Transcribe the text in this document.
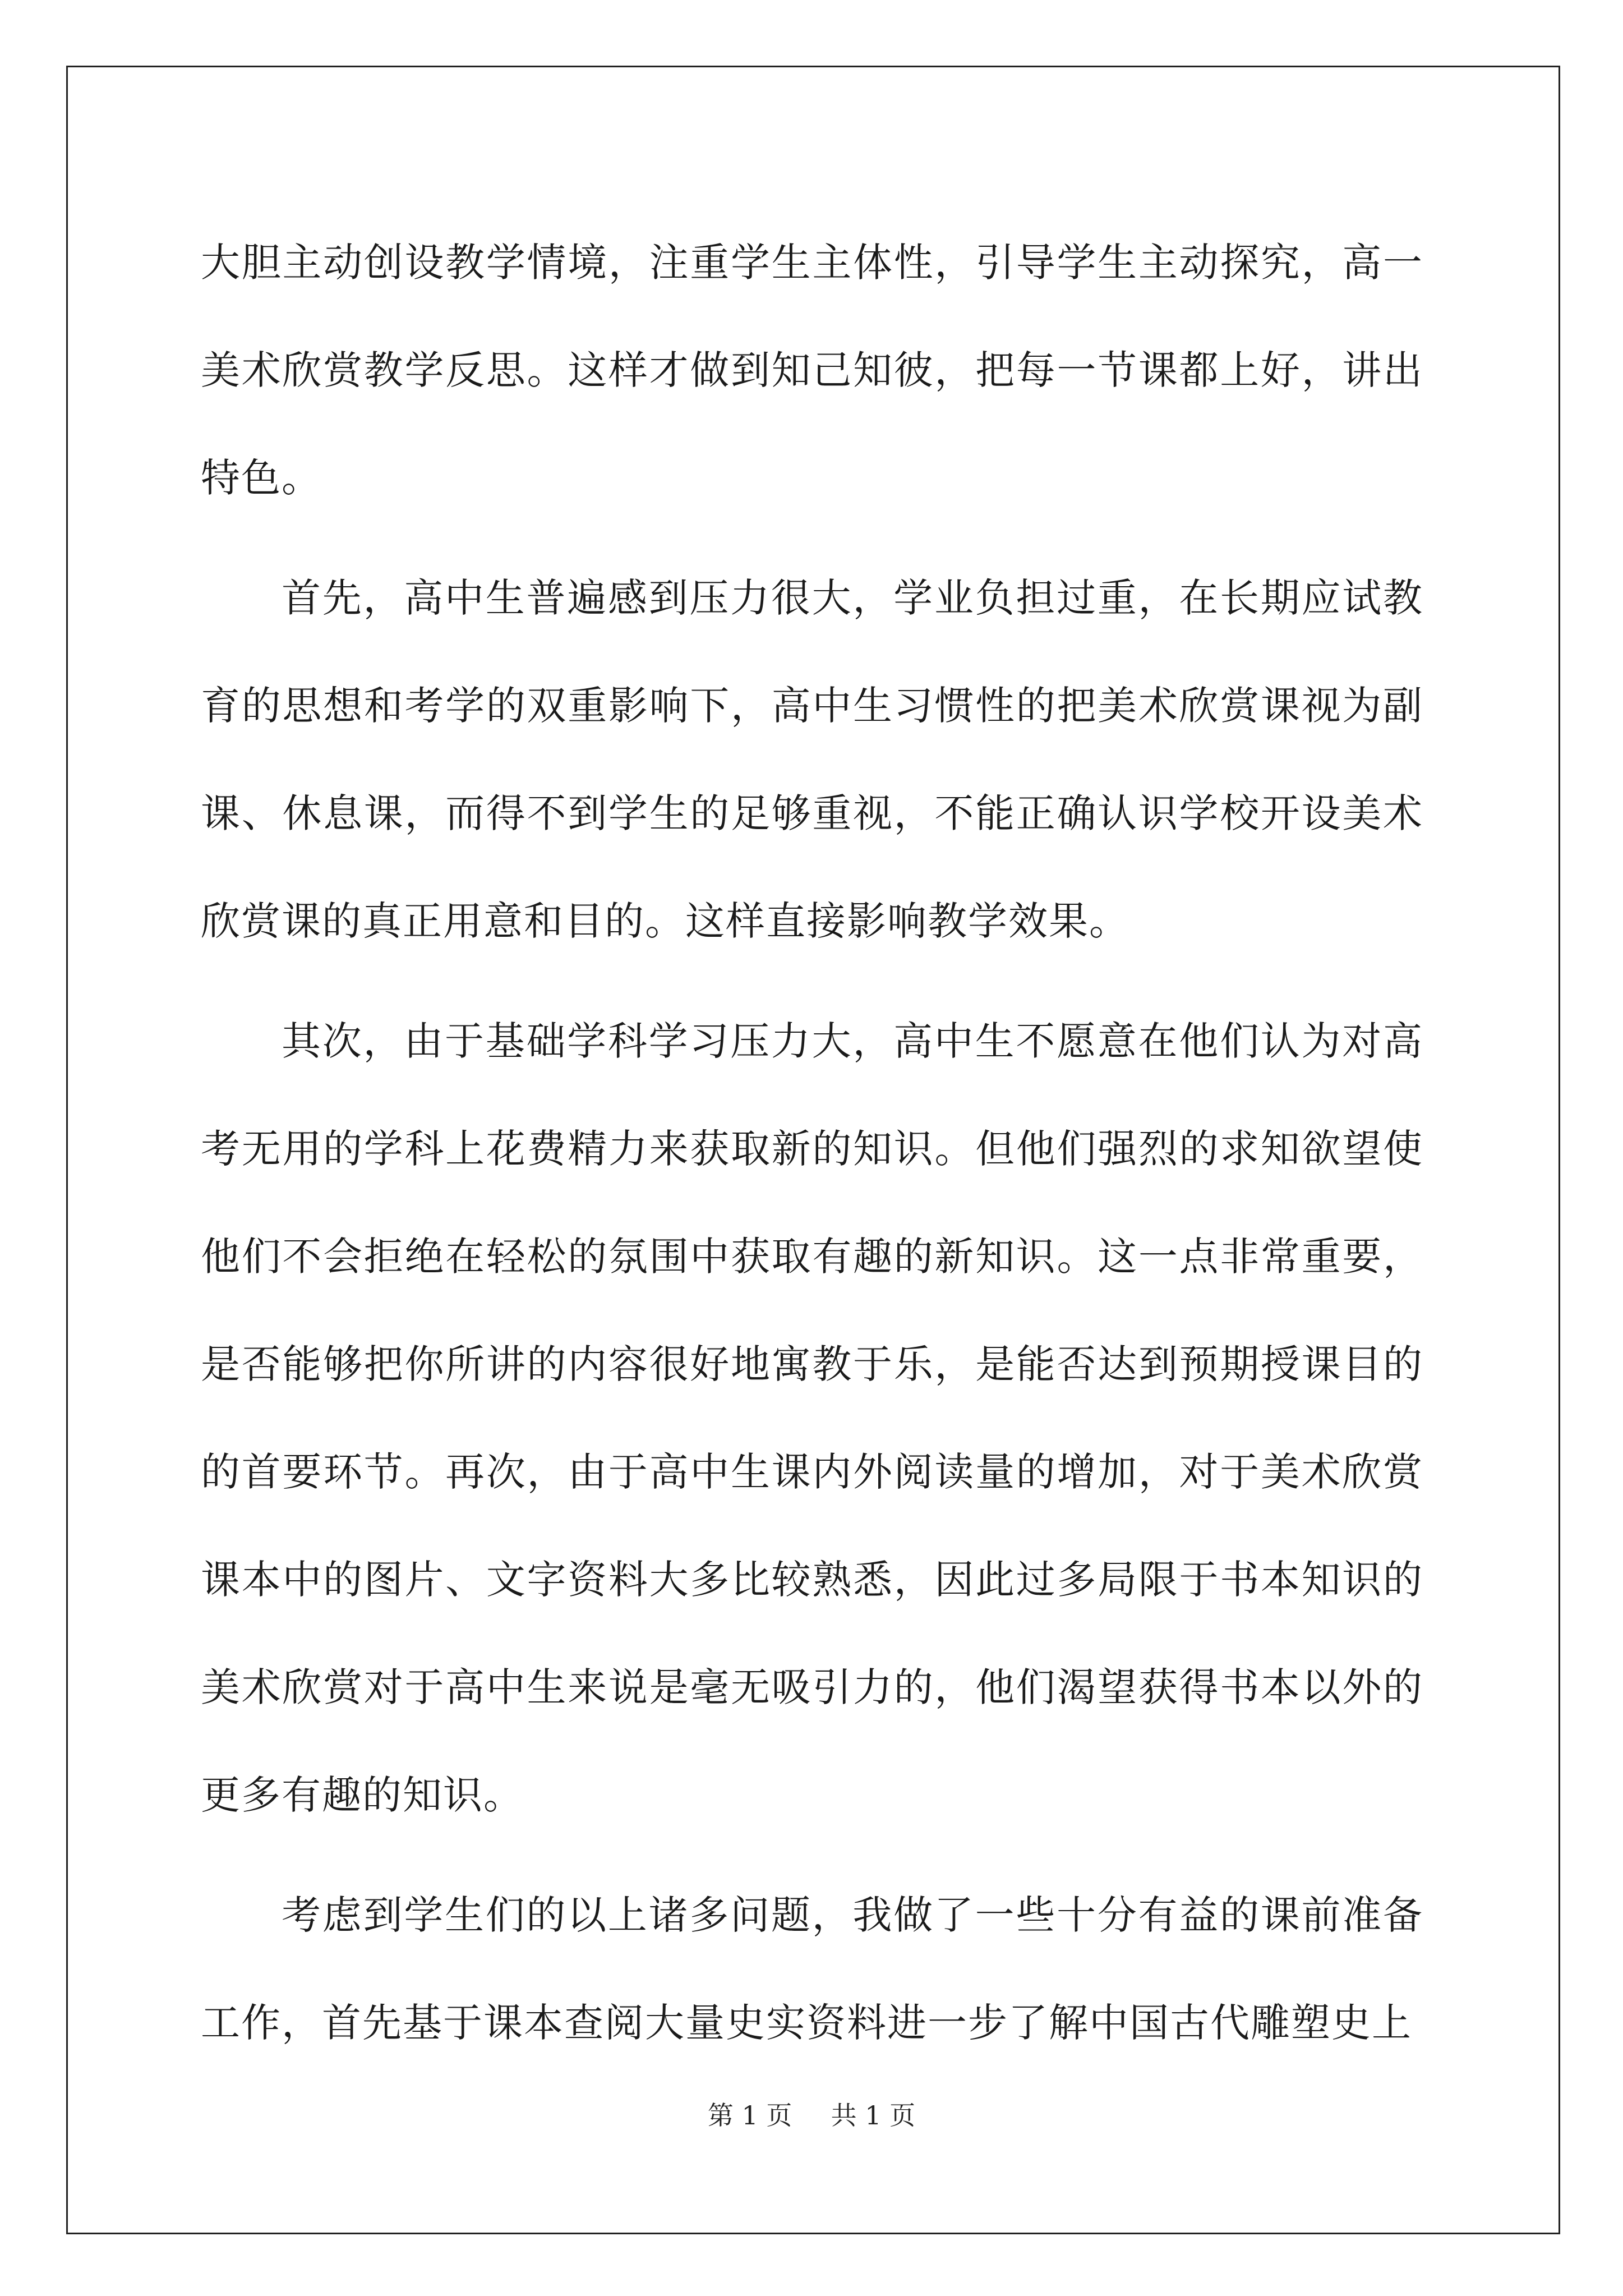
大胆主动创设教学情境，注重学生主体性，引导学生主动探究，高一美术欣赏教学反思。这样才做到知己知彼，把每一节课都上好，讲出特色。

首先，高中生普遍感到压力很大，学业负担过重，在长期应试教育的思想和考学的双重影响下，高中生习惯性的把美术欣赏课视为副课、休息课，而得不到学生的足够重视，不能正确认识学校开设美术欣赏课的真正用意和目的。这样直接影响教学效果。

其次，由于基础学科学习压力大，高中生不愿意在他们认为对高考无用的学科上花费精力来获取新的知识。但他们强烈的求知欲望使他们不会拒绝在轻松的氛围中获取有趣的新知识。这一点非常重要，是否能够把你所讲的内容很好地寓教于乐，是能否达到预期授课目的的首要环节。再次，由于高中生课内外阅读量的增加，对于美术欣赏课本中的图片、文字资料大多比较熟悉，因此过多局限于书本知识的美术欣赏对于高中生来说是毫无吸引力的，他们渴望获得书本以外的更多有趣的知识。

考虑到学生们的以上诸多问题，我做了一些十分有益的课前准备工作，首先基于课本查阅大量史实资料进一步了解中国古代雕塑史上

第 1 页 共 1 页
